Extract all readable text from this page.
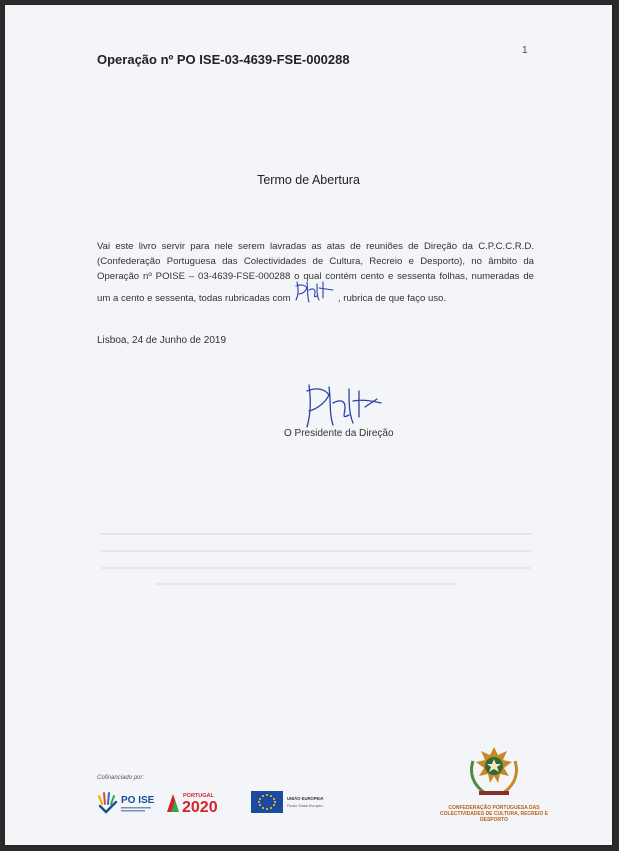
Operação nº PO ISE-03-4639-FSE-000288
1
Termo de Abertura
Vai este livro servir para nele serem lavradas as atas de reuniões de Direção da C.P.C.C.R.D. (Confederação Portuguesa das Colectividades de Cultura, Recreio e Desporto), no âmbito da Operação nº POISE – 03-4639-FSE-000288 o qual contém cento e sessenta folhas, numeradas de um a cento e sessenta, todas rubricadas com	, rubrica de que faço uso.
Lisboa, 24 de Junho de 2019
O Presidente da Direção
Cofinanciado por:
PO ISE	PORTUGAL
2020
UNIÃO EUROPEIA
Fundo Social Europeu	CONFEDERAÇÃO PORTUGUESA DAS COLECTIVIDADES DE CULTURA, RECREIO E DESPORTO
